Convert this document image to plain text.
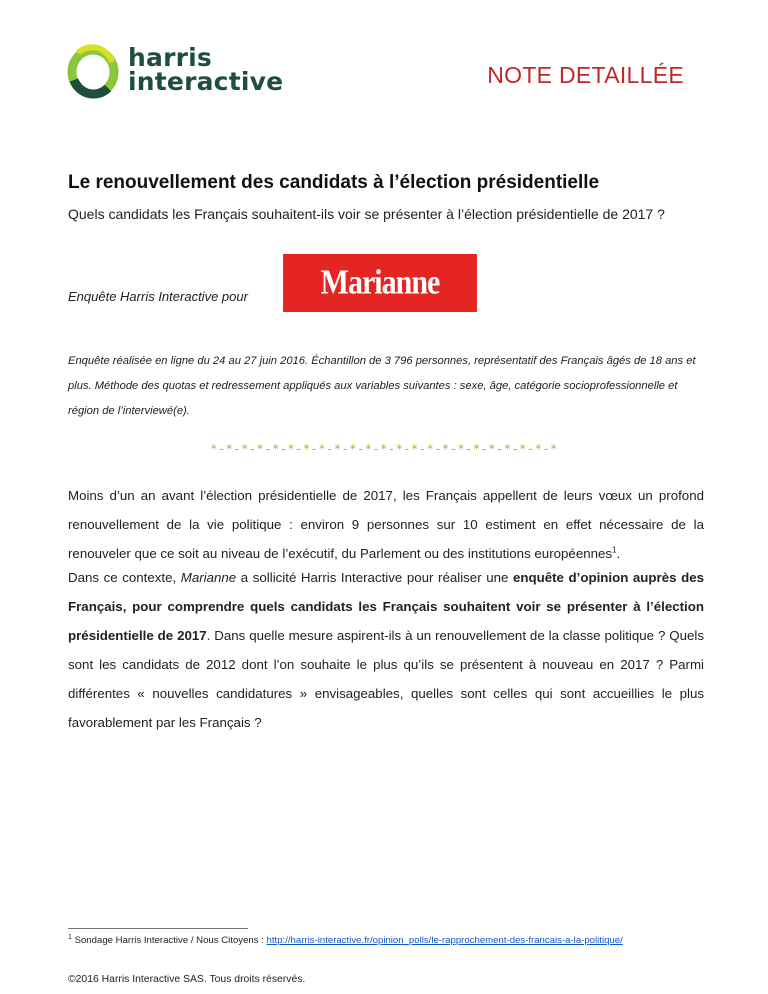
harris
interactive	NOTE DETAILLÉE
Le renouvellement des candidats à l’élection présidentielle
Quels candidats les Français souhaitent-ils voir se présenter à l’élection présidentielle de 2017 ?
Enquête Harris Interactive pour Marianne
Enquête réalisée en ligne du 24 au 27 juin 2016. Échantillon de 3 796 personnes, représentatif des Français âgés de 18 ans et plus. Méthode des quotas et redressement appliqués aux variables suivantes : sexe, âge, catégorie socioprofessionnelle et région de l’interviewé(e).
*-*-*-*-*-*-*-*-*-*-*-*-*-*-*-*-*-*-*-*-*-*-*
Moins d’un an avant l’élection présidentielle de 2017, les Français appellent de leurs vœux un profond renouvellement de la vie politique : environ 9 personnes sur 10 estiment en effet nécessaire de la renouveler que ce soit au niveau de l’exécutif, du Parlement ou des institutions européennes$^1$.
Dans ce contexte, Marianne a sollicité Harris Interactive pour réaliser une enquête d’opinion auprès des Français, pour comprendre quels candidats les Français souhaitent voir se présenter à l’élection présidentielle de 2017. Dans quelle mesure aspirent-ils à un renouvellement de la classe politique ? Quels sont les candidats de 2012 dont l’on souhaite le plus qu’ils se présentent à nouveau en 2017 ? Parmi différentes « nouvelles candidatures » envisageables, quelles sont celles qui sont accueillies le plus favorablement par les Français ?
$^1$ Sondage Harris Interactive / Nous Citoyens : http://harris-interactive.fr/opinion_polls/le-rapprochement-des-francais-a-la-politique/
©2016 Harris Interactive SAS. Tous droits réservés.
